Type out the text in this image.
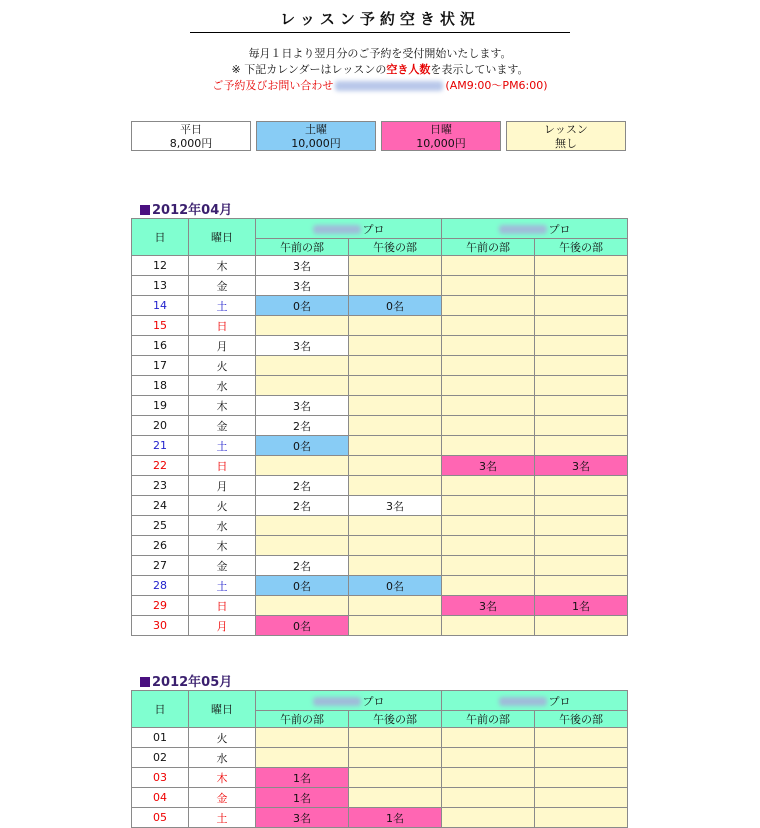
レッスン予約空き状況
毎月１日より翌月分のご予約を受付開始いたします。
※ 下記カレンダーはレッスンの空き人数を表示しています。
ご予約及びお問い合わせ	(AM9:00～PM6:00)
平日
8,000円
土曜
10,000円
日曜
10,000円
レッスン
無し
2012年04月
日	曜日	プロ		プロ	
		午前の部	午後の部	午前の部	午後の部
12	木	3名			
13	金	3名			
14	土	0名	0名		
15	日				
16	月	3名			
17	火				
18	水				
19	木	3名			
20	金	2名			
21	土	0名			
22	日			3名	3名
23	月	2名			
24	火	2名	3名		
25	水				
26	木				
27	金	2名			
28	土	0名	0名		
29	日			3名	1名
30	月	0名			
2012年05月
日	曜日	プロ		プロ	
		午前の部	午後の部	午前の部	午後の部
01	火				
02	水				
03	木	1名			
04	金	1名			
05	土	3名	1名		
